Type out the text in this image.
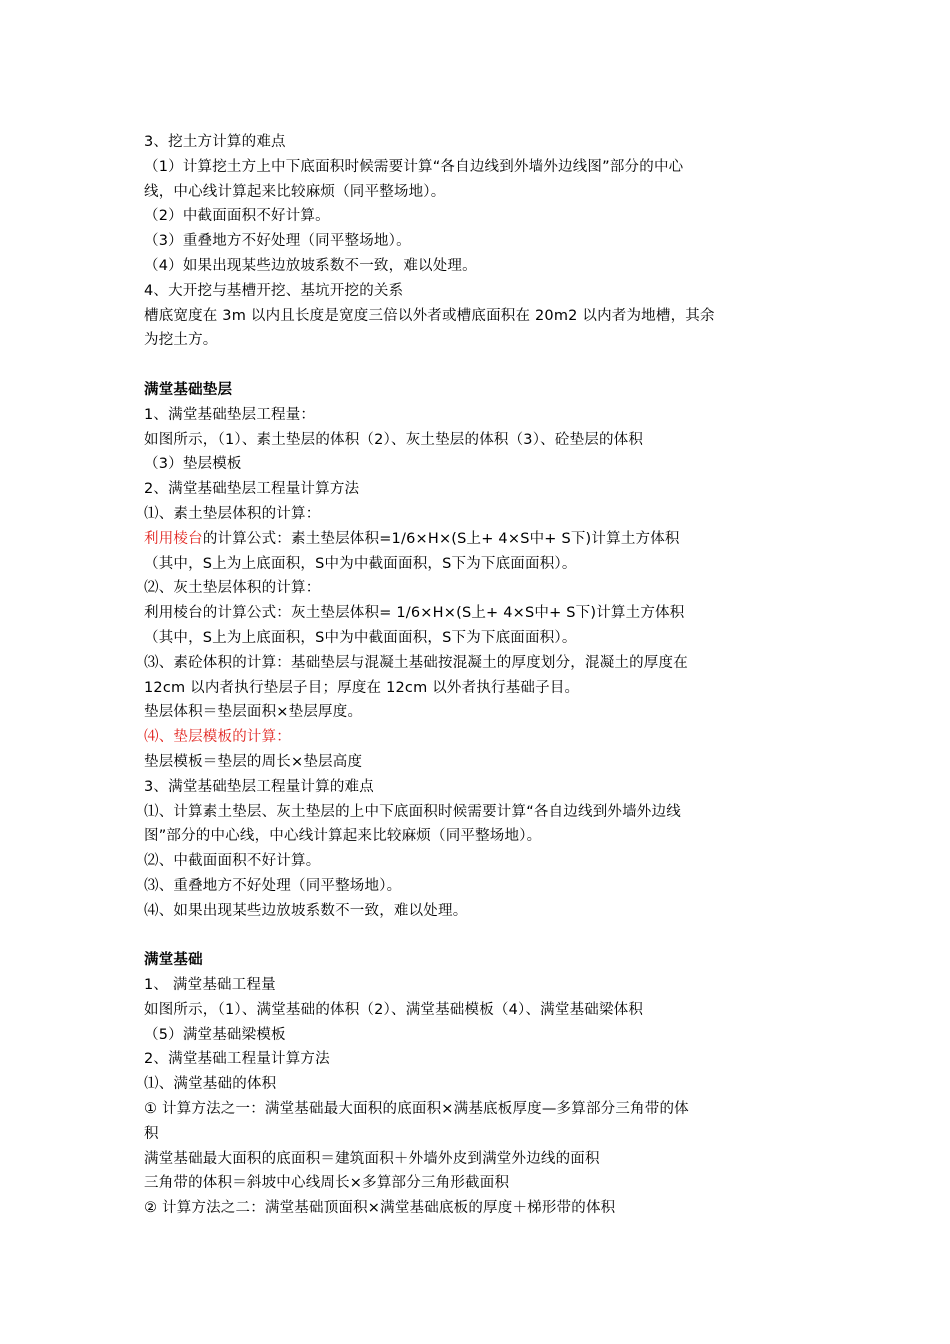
3、挖土方计算的难点
（1）计算挖土方上中下底面积时候需要计算“各自边线到外墙外边线图”部分的中心
线，中心线计算起来比较麻烦（同平整场地）。
（2）中截面面积不好计算。
（3）重叠地方不好处理（同平整场地）。
（4）如果出现某些边放坡系数不一致，难以处理。
4、大开挖与基槽开挖、基坑开挖的关系
槽底宽度在 3m 以内且长度是宽度三倍以外者或槽底面积在 20m2 以内者为地槽，其余
为挖土方。
满堂基础垫层
1、满堂基础垫层工程量：
如图所示，（1）、素土垫层的体积（2）、灰土垫层的体积（3）、砼垫层的体积
（3）垫层模板
2、满堂基础垫层工程量计算方法
⑴、素土垫层体积的计算：
利用棱台的计算公式：素土垫层体积=1/6×H×(S上+ 4×S中+ S下)计算土方体积
（其中，S上为上底面积，S中为中截面面积，S下为下底面面积）。
⑵、灰土垫层体积的计算：
利用棱台的计算公式：灰土垫层体积= 1/6×H×(S上+ 4×S中+ S下)计算土方体积
（其中，S上为上底面积，S中为中截面面积，S下为下底面面积）。
⑶、素砼体积的计算：基础垫层与混凝土基础按混凝土的厚度划分，混凝土的厚度在
12cm 以内者执行垫层子目；厚度在 12cm 以外者执行基础子目。
垫层体积＝垫层面积×垫层厚度。
⑷、垫层模板的计算：
垫层模板＝垫层的周长×垫层高度
3、满堂基础垫层工程量计算的难点
⑴、计算素土垫层、灰土垫层的上中下底面积时候需要计算“各自边线到外墙外边线
图”部分的中心线，中心线计算起来比较麻烦（同平整场地）。
⑵、中截面面积不好计算。
⑶、重叠地方不好处理（同平整场地）。
⑷、如果出现某些边放坡系数不一致，难以处理。
满堂基础
1、 满堂基础工程量
如图所示，（1）、满堂基础的体积（2）、满堂基础模板（4）、满堂基础梁体积
（5）满堂基础梁模板
2、满堂基础工程量计算方法
⑴、满堂基础的体积
① 计算方法之一：满堂基础最大面积的底面积×满基底板厚度—多算部分三角带的体
积
满堂基础最大面积的底面积＝建筑面积＋外墙外皮到满堂外边线的面积
三角带的体积＝斜坡中心线周长×多算部分三角形截面积
② 计算方法之二：满堂基础顶面积×满堂基础底板的厚度＋梯形带的体积
